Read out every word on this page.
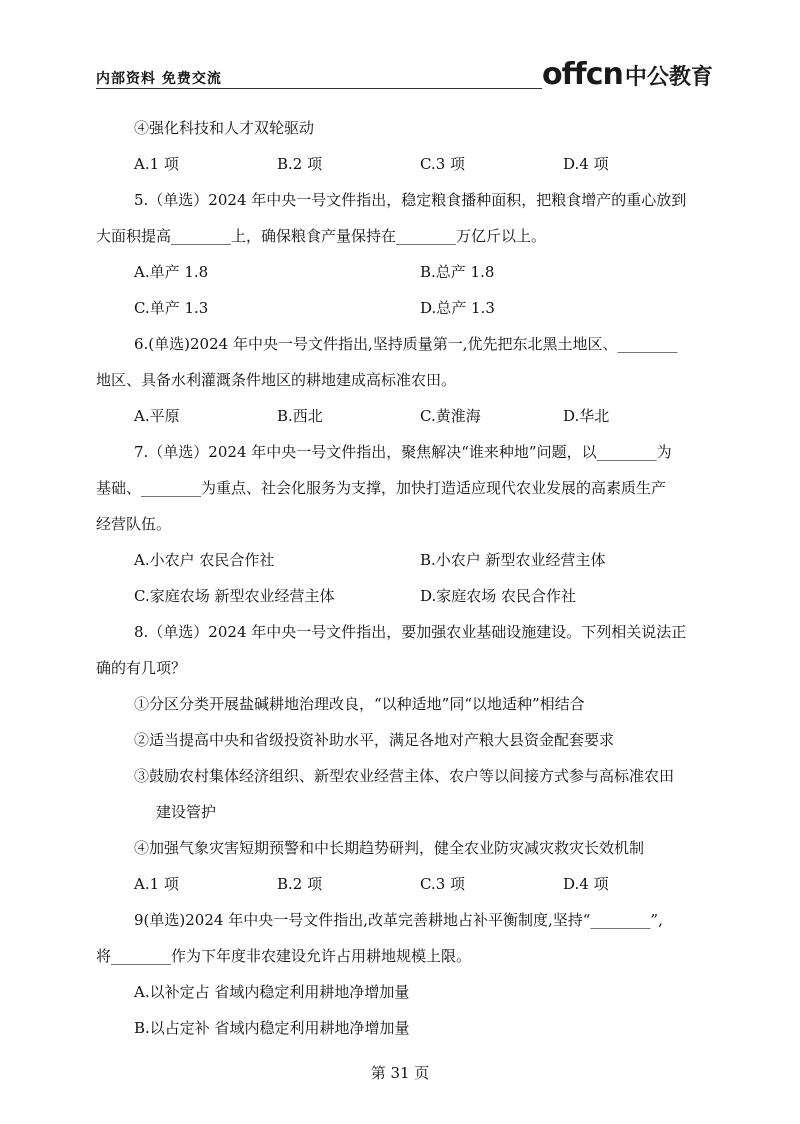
内部资料 免费交流	offcn 中公教育

④强化科技和人才双轮驱动

A.1 项	B.2 项	C.3 项	D.4 项

5.（单选）2024 年中央一号文件指出，稳定粮食播种面积，把粮食增产的重心放到

大面积提高________上，确保粮食产量保持在________万亿斤以上。

A.单产 1.8	B.总产 1.8
C.单产 1.3	D.总产 1.3

6.(单选)2024 年中央一号文件指出,坚持质量第一,优先把东北黑土地区、________

地区、具备水利灌溉条件地区的耕地建成高标准农田。

A.平原	B.西北	C.黄淮海	D.华北

7.（单选）2024 年中央一号文件指出，聚焦解决“谁来种地”问题，以________为

基础、________为重点、社会化服务为支撑，加快打造适应现代农业发展的高素质生产

经营队伍。

A.小农户 农民合作社	B.小农户 新型农业经营主体
C.家庭农场 新型农业经营主体	D.家庭农场 农民合作社

8.（单选）2024 年中央一号文件指出，要加强农业基础设施建设。下列相关说法正

确的有几项？

①分区分类开展盐碱耕地治理改良，“以种适地”同“以地适种”相结合

②适当提高中央和省级投资补助水平，满足各地对产粮大县资金配套要求

③鼓励农村集体经济组织、新型农业经营主体、农户等以间接方式参与高标准农田

建设管护

④加强气象灾害短期预警和中长期趋势研判，健全农业防灾减灾救灾长效机制

A.1 项	B.2 项	C.3 项	D.4 项

9(单选)2024 年中央一号文件指出,改革完善耕地占补平衡制度,坚持“________”,

将________作为下年度非农建设允许占用耕地规模上限。

A.以补定占 省域内稳定利用耕地净增加量

B.以占定补 省域内稳定利用耕地净增加量

第 31 页
